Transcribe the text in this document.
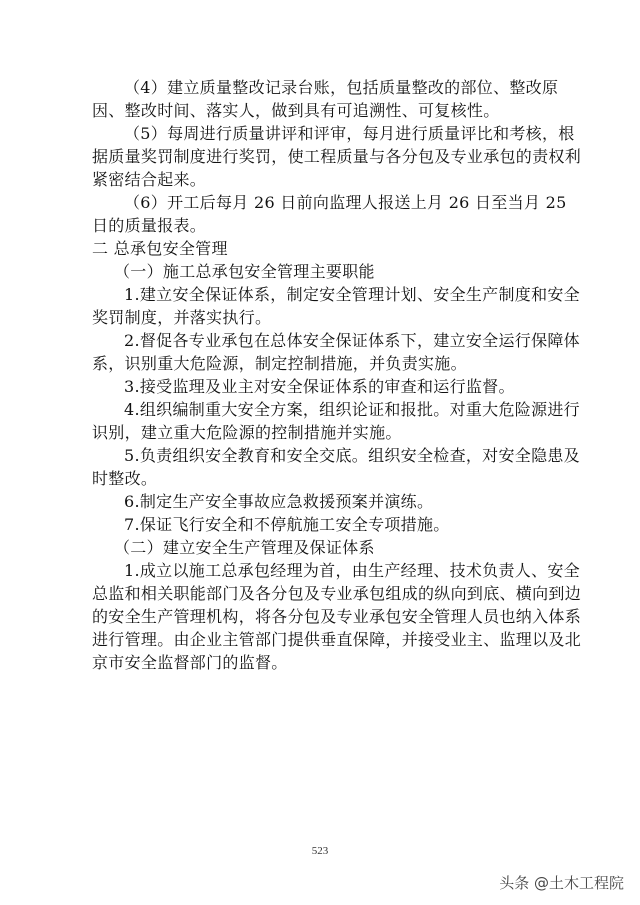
（4）建立质量整改记录台账，包括质量整改的部位、整改原因、整改时间、落实人，做到具有可追溯性、可复核性。

（5）每周进行质量讲评和评审，每月进行质量评比和考核，根据质量奖罚制度进行奖罚，使工程质量与各分包及专业承包的责权利紧密结合起来。

（6）开工后每月 26 日前向监理人报送上月 26 日至当月 25 日的质量报表。

二 总承包安全管理

（一）施工总承包安全管理主要职能

1.建立安全保证体系，制定安全管理计划、安全生产制度和安全奖罚制度，并落实执行。

2.督促各专业承包在总体安全保证体系下，建立安全运行保障体系，识别重大危险源，制定控制措施，并负责实施。

3.接受监理及业主对安全保证体系的审查和运行监督。

4.组织编制重大安全方案，组织论证和报批。对重大危险源进行识别，建立重大危险源的控制措施并实施。

5.负责组织安全教育和安全交底。组织安全检查，对安全隐患及时整改。

6.制定生产安全事故应急救援预案并演练。

7.保证飞行安全和不停航施工安全专项措施。

（二）建立安全生产管理及保证体系

1.成立以施工总承包经理为首，由生产经理、技术负责人、安全总监和相关职能部门及各分包及专业承包组成的纵向到底、横向到边的安全生产管理机构，将各分包及专业承包安全管理人员也纳入体系进行管理。由企业主管部门提供垂直保障，并接受业主、监理以及北京市安全监督部门的监督。

523
头条 @土木工程院
